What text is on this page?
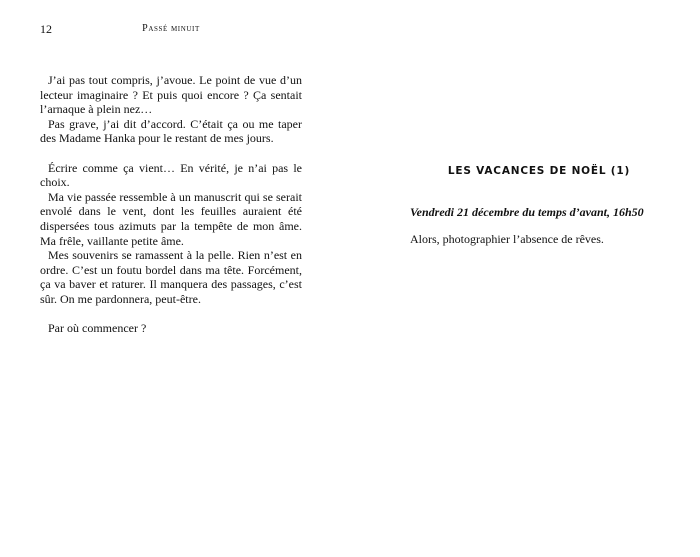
12	Passé minuit

J’ai pas tout compris, j’avoue. Le point de vue d’un lecteur imaginaire ? Et puis quoi encore ? Ça sentait l’arnaque à plein nez…

Pas grave, j’ai dit d’accord. C’était ça ou me taper des Madame Hanka pour le restant de mes jours.

Écrire comme ça vient… En vérité, je n’ai pas le choix.

Ma vie passée ressemble à un manuscrit qui se serait envolé dans le vent, dont les feuilles auraient été dispersées tous azimuts par la tempête de mon âme. Ma frêle, vaillante petite âme.

Mes souvenirs se ramassent à la pelle. Rien n’est en ordre. C’est un foutu bordel dans ma tête. Forcément, ça va baver et raturer. Il manquera des passages, c’est sûr. On me pardonnera, peut-être.

Par où commencer ?

LES VACANCES DE NOËL (1)
Vendredi 21 décembre du temps d’avant, 16h50
Alors, photographier l’absence de rêves.
